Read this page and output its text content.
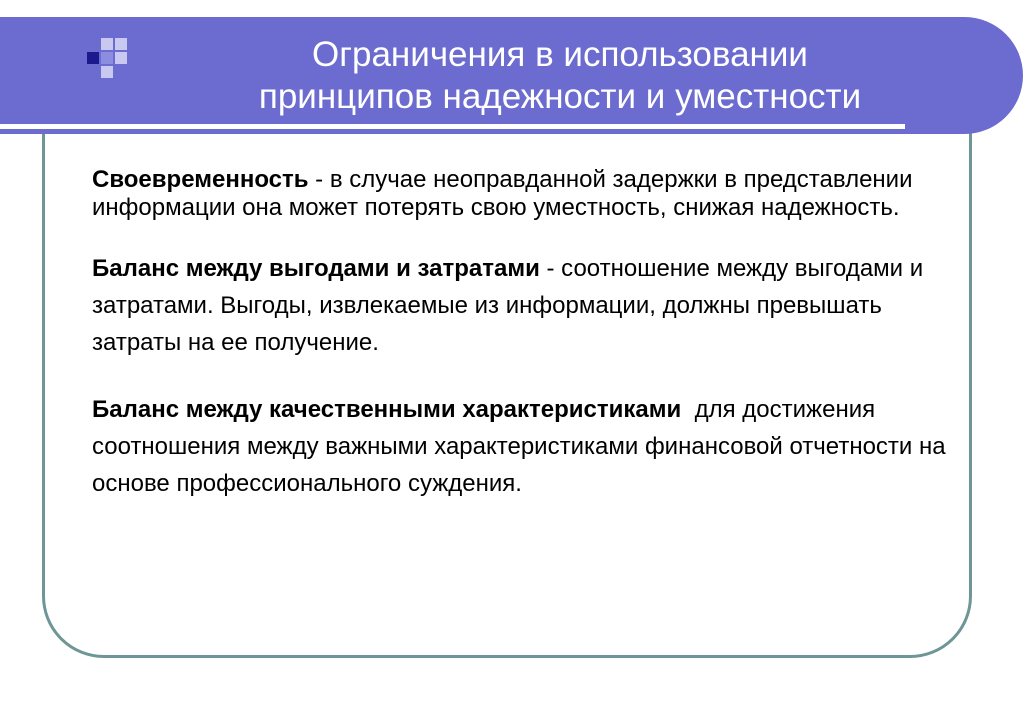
Ограничения в использовании
принципов надежности и уместности

Своевременность - в случае неоправданной задержки в представлении информации она может потерять свою уместность, снижая надежность.

Баланс между выгодами и затратами - соотношение между выгодами и затратами. Выгоды, извлекаемые из информации, должны превышать затраты на ее получение.

Баланс между качественными характеристиками  для достижения соотношения между важными характеристиками финансовой отчетности на основе профессионального суждения.
